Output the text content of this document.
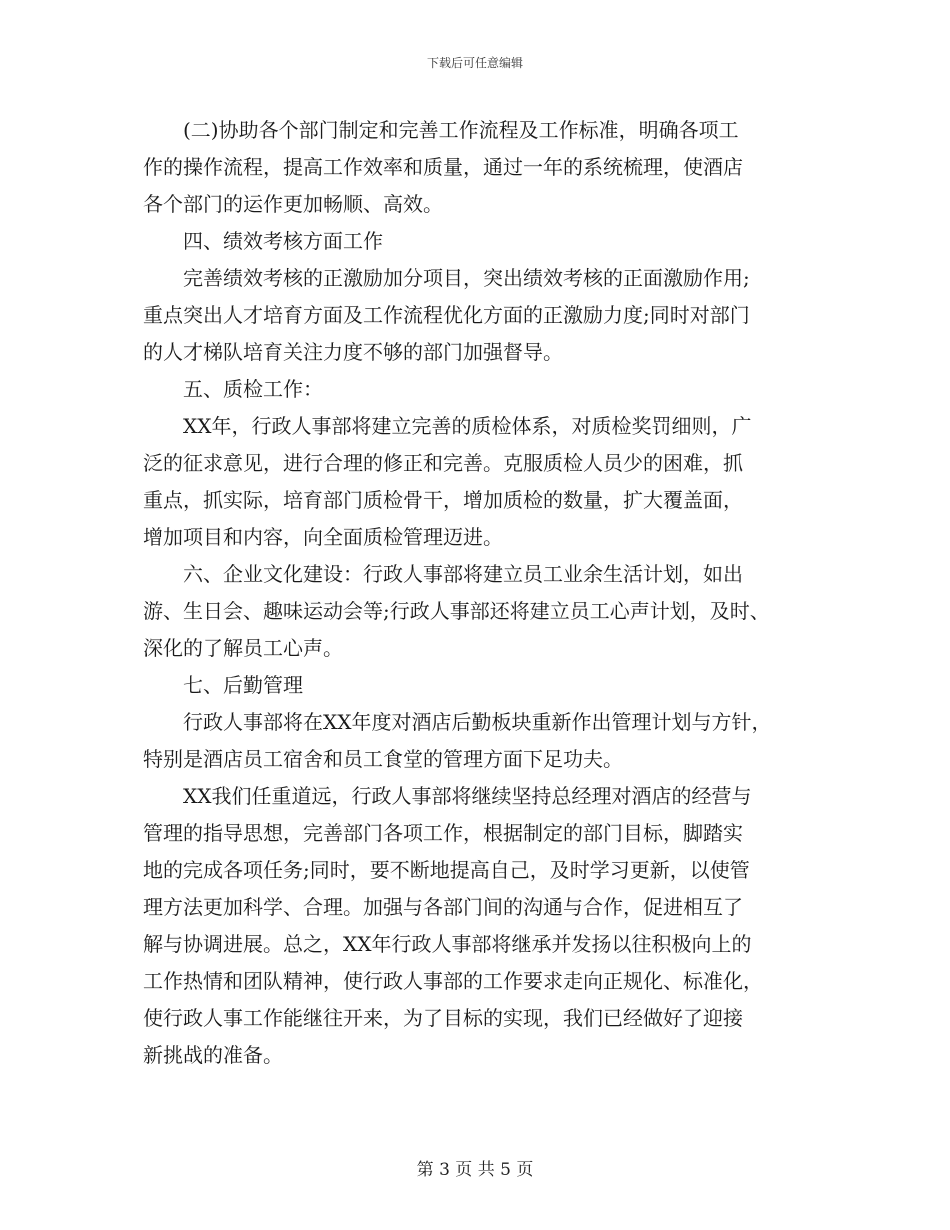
下载后可任意编辑
(二)协助各个部门制定和完善工作流程及工作标准，明确各项工
作的操作流程，提高工作效率和质量，通过一年的系统梳理，使酒店
各个部门的运作更加畅顺、高效。
四、绩效考核方面工作
完善绩效考核的正激励加分项目，突出绩效考核的正面激励作用;
重点突出人才培育方面及工作流程优化方面的正激励力度;同时对部门
的人才梯队培育关注力度不够的部门加强督导。
五、质检工作：
XX年，行政人事部将建立完善的质检体系，对质检奖罚细则，广
泛的征求意见，进行合理的修正和完善。克服质检人员少的困难，抓
重点，抓实际，培育部门质检骨干，增加质检的数量，扩大覆盖面，
增加项目和内容，向全面质检管理迈进。
六、企业文化建设：行政人事部将建立员工业余生活计划，如出
游、生日会、趣味运动会等;行政人事部还将建立员工心声计划，及时、
深化的了解员工心声。
七、后勤管理
行政人事部将在XX年度对酒店后勤板块重新作出管理计划与方针，
特别是酒店员工宿舍和员工食堂的管理方面下足功夫。
XX我们任重道远，行政人事部将继续坚持总经理对酒店的经营与
管理的指导思想，完善部门各项工作，根据制定的部门目标，脚踏实
地的完成各项任务;同时，要不断地提高自己，及时学习更新，以使管
理方法更加科学、合理。加强与各部门间的沟通与合作，促进相互了
解与协调进展。总之，XX年行政人事部将继承并发扬以往积极向上的
工作热情和团队精神，使行政人事部的工作要求走向正规化、标准化，
使行政人事工作能继往开来，为了目标的实现，我们已经做好了迎接
新挑战的准备。
第 3 页 共 5 页
